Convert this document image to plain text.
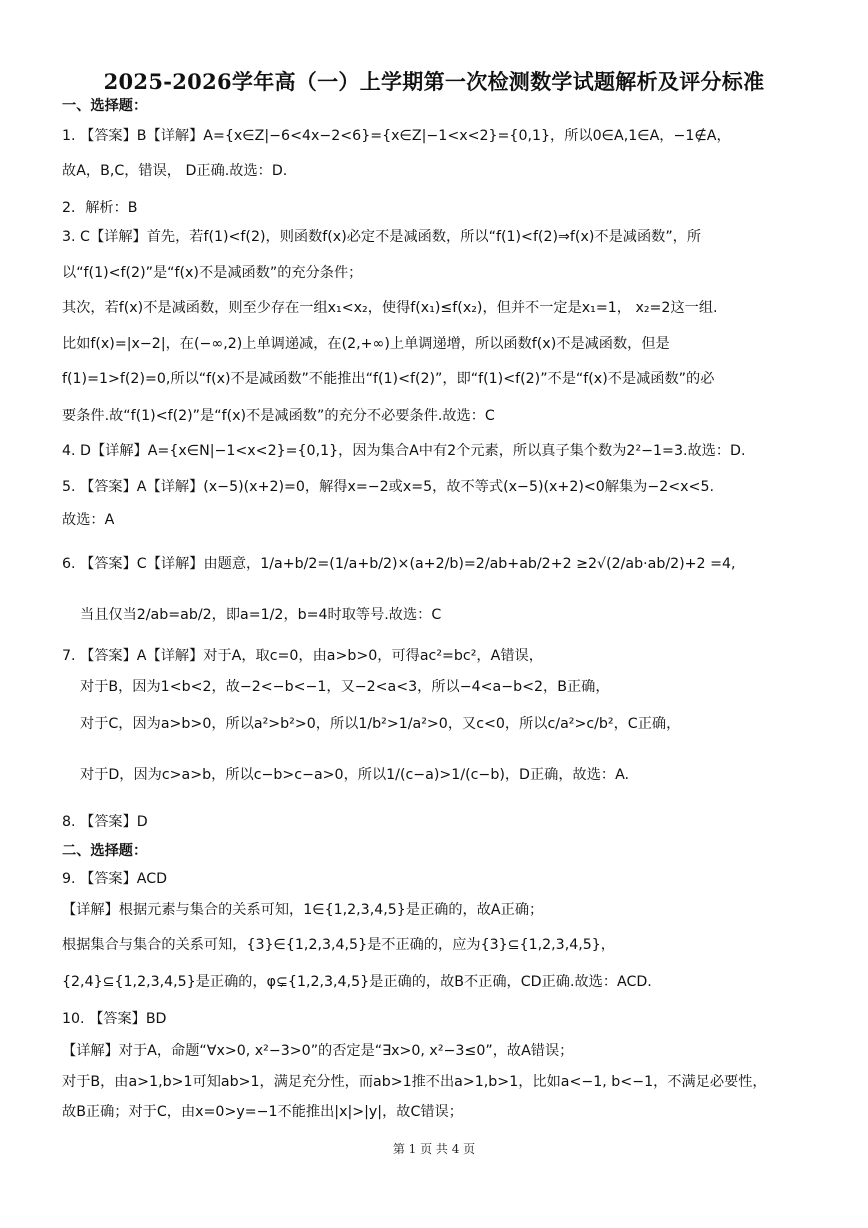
2025-2026学年高（一）上学期第一次检测数学试题解析及评分标准
一、选择题：
1. 【答案】B【详解】A={x∈Z|−6<4x−2<6}={x∈Z|−1<x<2}={0,1}，所以0∈A,1∈A，−1∉A，
故A，B,C，错误， D正确.故选：D.
2．解析：B
3. C【详解】首先，若f(1)<f(2)，则函数f(x)必定不是减函数，所以“f(1)<f(2)⇒f(x)不是减函数”，所
以“f(1)<f(2)”是“f(x)不是减函数”的充分条件；
其次，若f(x)不是减函数，则至少存在一组x₁<x₂，使得f(x₁)≤f(x₂)，但并不一定是x₁=1， x₂=2这一组.
比如f(x)=|x−2|，在(−∞,2)上单调递减，在(2,+∞)上单调递增，所以函数f(x)不是减函数，但是
f(1)=1>f(2)=0,所以“f(x)不是减函数”不能推出“f(1)<f(2)”，即“f(1)<f(2)”不是“f(x)不是减函数”的必
要条件.故“f(1)<f(2)”是“f(x)不是减函数”的充分不必要条件.故选：C
4. D【详解】A={x∈N|−1<x<2}={0,1}，因为集合A中有2个元素，所以真子集个数为2²−1=3.故选：D.
5. 【答案】A【详解】(x−5)(x+2)=0，解得x=−2或x=5，故不等式(x−5)(x+2)<0解集为−2<x<5.
故选：A
6. 【答案】C【详解】由题意，1/a+b/2=(1/a+b/2)×(a+2/b)=2/ab+ab/2+2 ≥2√(2/ab·ab/2)+2 =4,
当且仅当2/ab=ab/2，即a=1/2，b=4时取等号.故选：C
7. 【答案】A【详解】对于A，取c=0，由a>b>0，可得ac²=bc²，A错误，
对于B，因为1<b<2，故−2<−b<−1，又−2<a<3，所以−4<a−b<2，B正确，
对于C，因为a>b>0，所以a²>b²>0，所以1/b²>1/a²>0，又c<0，所以c/a²>c/b²，C正确，
对于D，因为c>a>b，所以c−b>c−a>0，所以1/(c−a)>1/(c−b)，D正确，故选：A.
8. 【答案】D
二、选择题：
9. 【答案】ACD
【详解】根据元素与集合的关系可知，1∈{1,2,3,4,5}是正确的，故A正确；
根据集合与集合的关系可知，{3}∈{1,2,3,4,5}是不正确的，应为{3}⊆{1,2,3,4,5}，
{2,4}⊆{1,2,3,4,5}是正确的，φ⊊{1,2,3,4,5}是正确的，故B不正确，CD正确.故选：ACD.
10. 【答案】BD
【详解】对于A，命题“∀x>0, x²−3>0”的否定是“∃x>0, x²−3≤0”，故A错误；
对于B，由a>1,b>1可知ab>1，满足充分性，而ab>1推不出a>1,b>1，比如a<−1, b<−1，不满足必要性，
故B正确；对于C，由x=0>y=−1不能推出|x|>|y|，故C错误；
第 1 页 共 4 页
